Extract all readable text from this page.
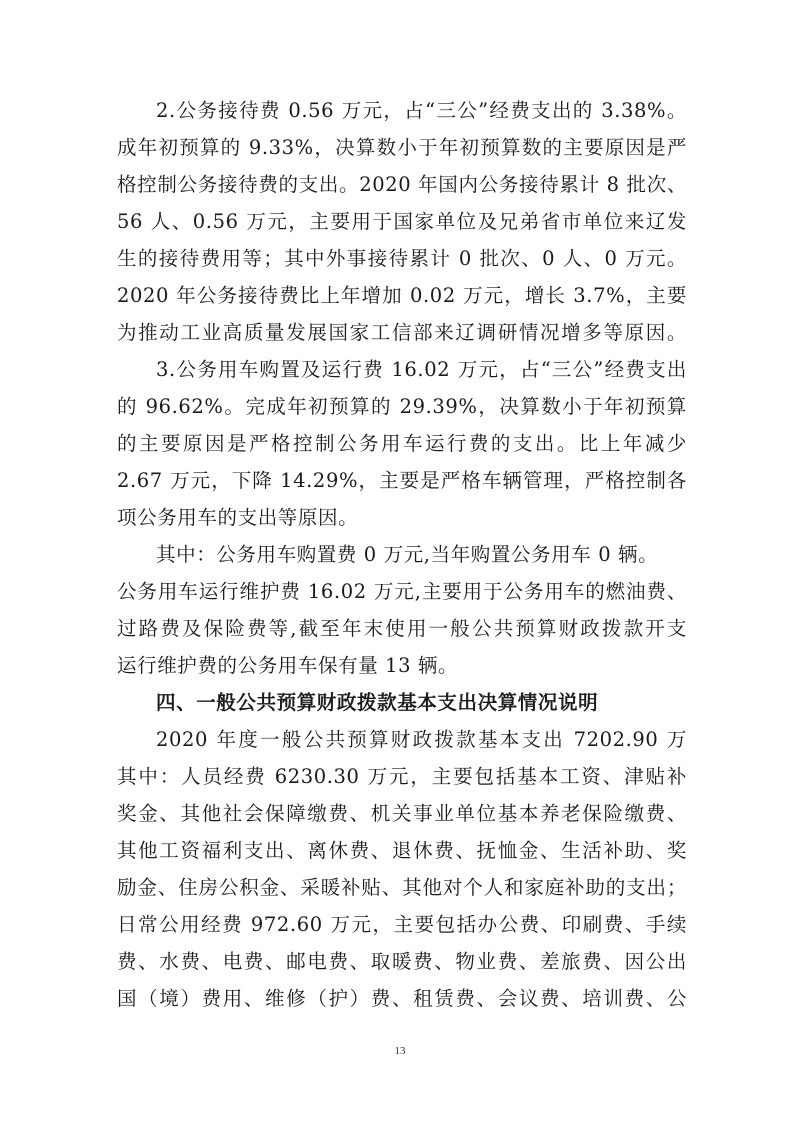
2.公务接待费 0.56 万元，占“三公”经费支出的 3.38%。
成年初预算的 9.33%，决算数小于年初预算数的主要原因是严
格控制公务接待费的支出。2020 年国内公务接待累计 8 批次、
56 人、0.56 万元，主要用于国家单位及兄弟省市单位来辽发
生的接待费用等；其中外事接待累计 0 批次、0 人、0 万元。
2020 年公务接待费比上年增加 0.02 万元，增长 3.7%，主要
为推动工业高质量发展国家工信部来辽调研情况增多等原因。
3.公务用车购置及运行费 16.02 万元，占“三公”经费支出
的 96.62%。完成年初预算的 29.39%，决算数小于年初预算
的主要原因是严格控制公务用车运行费的支出。比上年减少
2.67 万元，下降 14.29%，主要是严格车辆管理，严格控制各
项公务用车的支出等原因。
其中：公务用车购置费 0 万元,当年购置公务用车 0 辆。
公务用车运行维护费 16.02 万元,主要用于公务用车的燃油费、
过路费及保险费等,截至年末使用一般公共预算财政拨款开支
运行维护费的公务用车保有量 13 辆。
四、一般公共预算财政拨款基本支出决算情况说明
2020 年度一般公共预算财政拨款基本支出 7202.90 万
其中：人员经费 6230.30 万元，主要包括基本工资、津贴补
奖金、其他社会保障缴费、机关事业单位基本养老保险缴费、
其他工资福利支出、离休费、退休费、抚恤金、生活补助、奖
励金、住房公积金、采暖补贴、其他对个人和家庭补助的支出；
日常公用经费 972.60 万元，主要包括办公费、印刷费、手续
费、水费、电费、邮电费、取暖费、物业费、差旅费、因公出
国（境）费用、维修（护）费、租赁费、会议费、培训费、公
13
